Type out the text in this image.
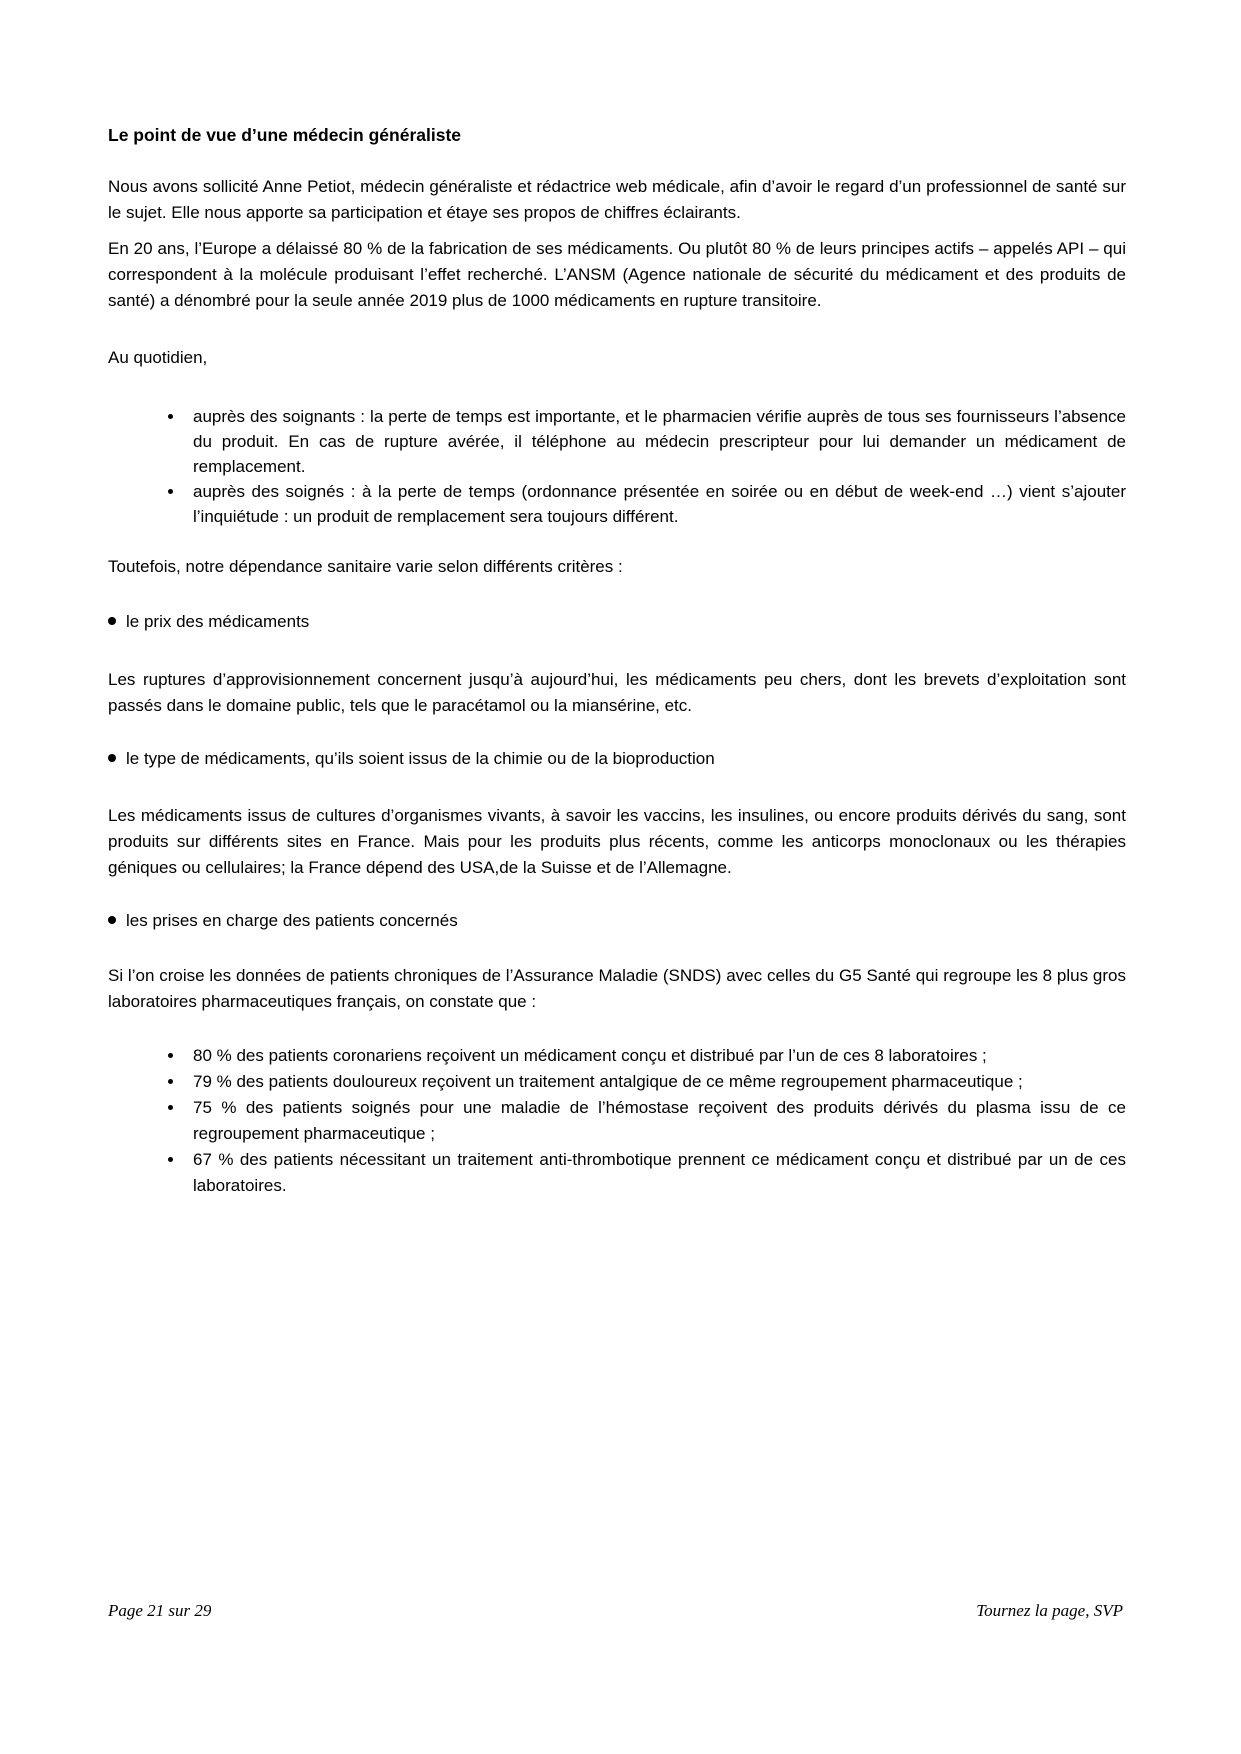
Le point de vue d’une médecin généraliste

Nous avons sollicité Anne Petiot, médecin généraliste et rédactrice web médicale, afin d’avoir le regard d’un professionnel de santé sur le sujet. Elle nous apporte sa participation et étaye ses propos de chiffres éclairants.

En 20 ans, l’Europe a délaissé 80 % de la fabrication de ses médicaments. Ou plutôt 80 % de leurs principes actifs – appelés API – qui correspondent à la molécule produisant l’effet recherché. L’ANSM (Agence nationale de sécurité du médicament et des produits de santé) a dénombré pour la seule année 2019 plus de 1000 médicaments en rupture transitoire.

Au quotidien,

auprès des soignants : la perte de temps est importante, et le pharmacien vérifie auprès de tous ses fournisseurs l’absence du produit. En cas de rupture avérée, il téléphone au médecin prescripteur pour lui demander un médicament de remplacement.
auprès des soignés : à la perte de temps (ordonnance présentée en soirée ou en début de week-end …) vient s’ajouter l’inquiétude : un produit de remplacement sera toujours différent.

Toutefois, notre dépendance sanitaire varie selon différents critères :

le prix des médicaments

Les ruptures d’approvisionnement concernent jusqu’à aujourd’hui, les médicaments peu chers, dont les brevets d’exploitation sont passés dans le domaine public, tels que le paracétamol ou la miansérine, etc.

le type de médicaments, qu’ils soient issus de la chimie ou de la bioproduction

Les médicaments issus de cultures d’organismes vivants, à savoir les vaccins, les insulines, ou encore produits dérivés du sang, sont produits sur différents sites en France. Mais pour les produits plus récents, comme les anticorps monoclonaux ou les thérapies géniques ou cellulaires; la France dépend des USA,de la Suisse et de l’Allemagne.

les prises en charge des patients concernés

Si l’on croise les données de patients chroniques de l’Assurance Maladie (SNDS) avec celles du G5 Santé qui regroupe les 8 plus gros laboratoires pharmaceutiques français, on constate que :

80 % des patients coronariens reçoivent un médicament conçu et distribué par l’un de ces 8 laboratoires ;
79 % des patients douloureux reçoivent un traitement antalgique de ce même regroupement pharmaceutique ;
75 % des patients soignés pour une maladie de l’hémostase reçoivent des produits dérivés du plasma issu de ce regroupement pharmaceutique ;
67 % des patients nécessitant un traitement anti-thrombotique prennent ce médicament conçu et distribué par un de ces laboratoires.
Page 21 sur 29	Tournez la page, SVP
